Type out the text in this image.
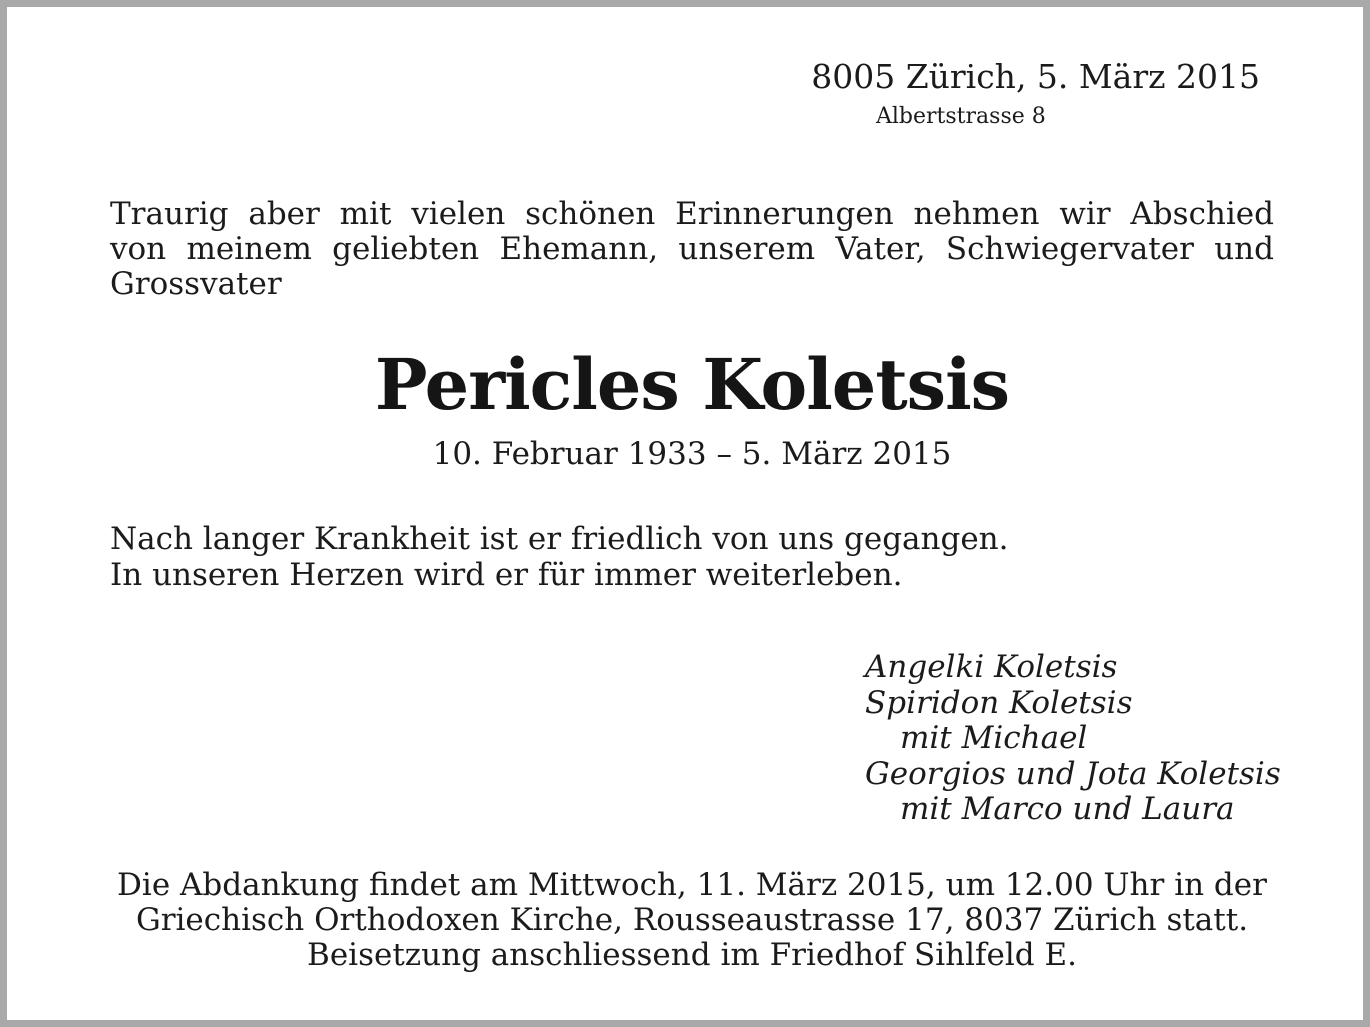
8005 Zürich, 5. März 2015
Albertstrasse 8
Traurig aber mit vielen schönen Erinnerungen nehmen wir Abschied von meinem geliebten Ehemann, unserem Vater, Schwiegervater und Grossvater
Pericles Koletsis
10. Februar 1933 – 5. März 2015
Nach langer Krankheit ist er friedlich von uns gegangen.
In unseren Herzen wird er für immer weiterleben.
Angelki Koletsis
Spiridon Koletsis
mit Michael
Georgios und Jota Koletsis
mit Marco und Laura
Die Abdankung findet am Mittwoch, 11. März 2015, um 12.00 Uhr in der
Griechisch Orthodoxen Kirche, Rousseaustrasse 17, 8037 Zürich statt.
Beisetzung anschliessend im Friedhof Sihlfeld E.
